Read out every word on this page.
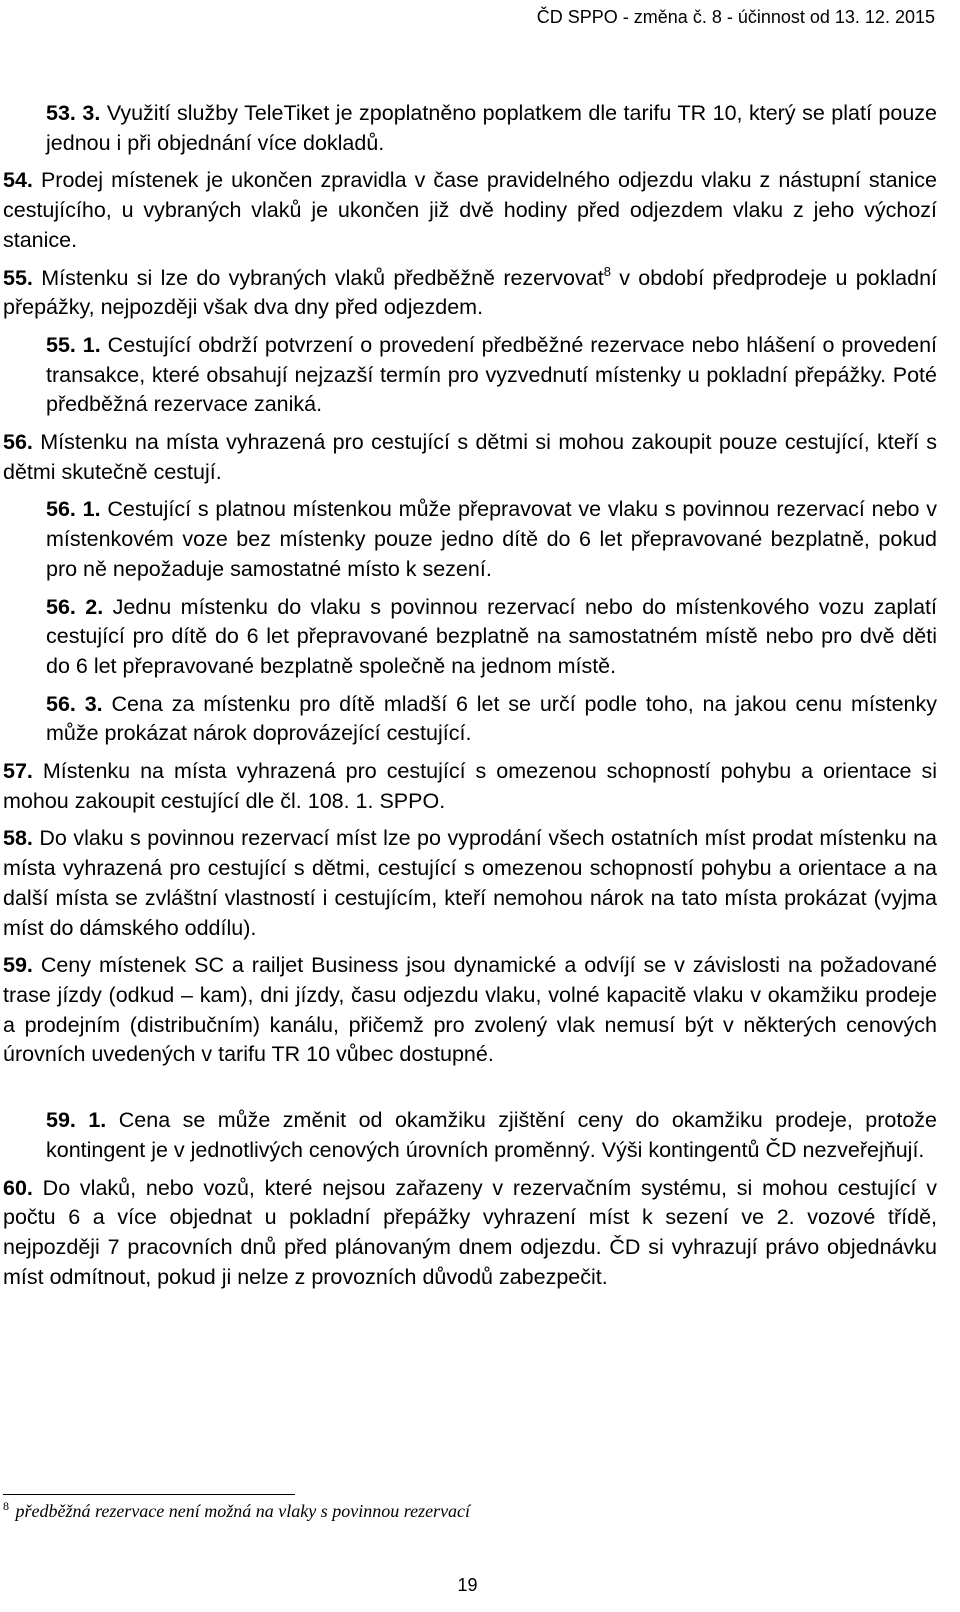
ČD SPPO - změna č. 8 - účinnost od 13. 12. 2015

53. 3. Využití služby TeleTiket je zpoplatněno poplatkem dle tarifu TR 10, který se platí pouze jednou i při objednání více dokladů.

54. Prodej místenek je ukončen zpravidla v čase pravidelného odjezdu vlaku z nástupní stanice cestujícího, u vybraných vlaků je ukončen již dvě hodiny před odjezdem vlaku z jeho výchozí stanice.

55. Místenku si lze do vybraných vlaků předběžně rezervovat$^8$ v období předprodeje u pokladní přepážky, nejpozději však dva dny před odjezdem.

55. 1. Cestující obdrží potvrzení o provedení předběžné rezervace nebo hlášení o provedení transakce, které obsahují nejzazší termín pro vyzvednutí místenky u pokladní přepážky. Poté předběžná rezervace zaniká.

56. Místenku na místa vyhrazená pro cestující s dětmi si mohou zakoupit pouze cestující, kteří s dětmi skutečně cestují.

56. 1. Cestující s platnou místenkou může přepravovat ve vlaku s povinnou rezervací nebo v místenkovém voze bez místenky pouze jedno dítě do 6 let přepravované bezplatně, pokud pro ně nepožaduje samostatné místo k sezení.

56. 2. Jednu místenku do vlaku s povinnou rezervací nebo do místenkového vozu zaplatí cestující pro dítě do 6 let přepravované bezplatně na samostatném místě nebo pro dvě děti do 6 let přepravované bezplatně společně na jednom místě.

56. 3. Cena za místenku pro dítě mladší 6 let se určí podle toho, na jakou cenu místenky může prokázat nárok doprovázející cestující.

57. Místenku na místa vyhrazená pro cestující s omezenou schopností pohybu a orientace si mohou zakoupit cestující dle čl. 108. 1. SPPO.

58. Do vlaku s povinnou rezervací míst lze po vyprodání všech ostatních míst prodat místenku na místa vyhrazená pro cestující s dětmi, cestující s omezenou schopností pohybu a orientace a na další místa se zvláštní vlastností i cestujícím, kteří nemohou nárok na tato místa prokázat (vyjma míst do dámského oddílu).

59. Ceny místenek SC a railjet Business jsou dynamické a odvíjí se v závislosti na požadované trase jízdy (odkud – kam), dni jízdy, času odjezdu vlaku, volné kapacitě vlaku v okamžiku prodeje a prodejním (distribučním) kanálu, přičemž pro zvolený vlak nemusí být v některých cenových úrovních uvedených v tarifu TR 10 vůbec dostupné.

59. 1. Cena se může změnit od okamžiku zjištění ceny do okamžiku prodeje, protože kontingent je v jednotlivých cenových úrovních proměnný. Výši kontingentů ČD nezveřejňují.

60. Do vlaků, nebo vozů, které nejsou zařazeny v rezervačním systému, si mohou cestující v počtu 6 a více objednat u pokladní přepážky vyhrazení míst k sezení ve 2. vozové třídě, nejpozději 7 pracovních dnů před plánovaným dnem odjezdu. ČD si vyhrazují právo objednávku míst odmítnout, pokud ji nelze z provozních důvodů zabezpečit.

$^8$ předběžná rezervace není možná na vlaky s povinnou rezervací
19
